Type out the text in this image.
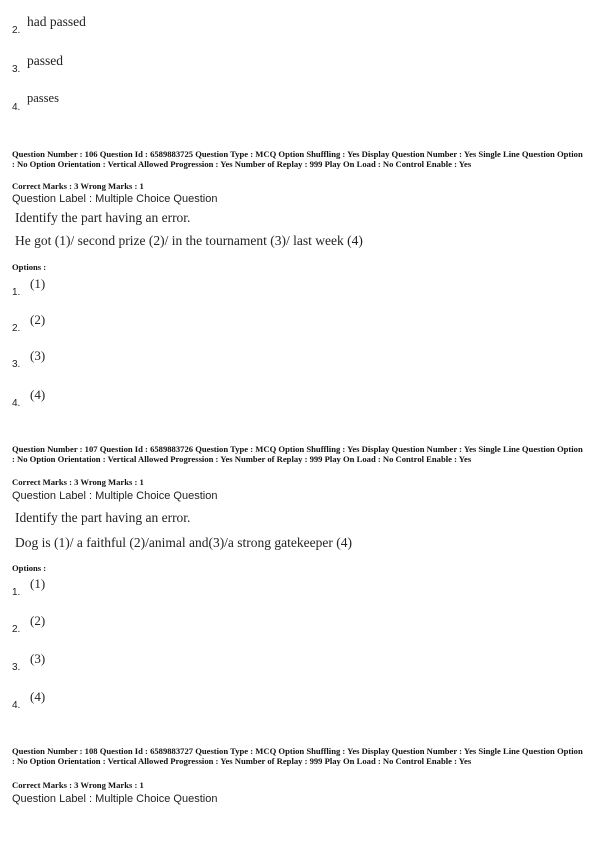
2.
had passed
3.
passed
4.
passes
Question Number : 106 Question Id : 6589883725 Question Type : MCQ Option Shuffling : Yes Display Question Number : Yes Single Line Question Option : No Option Orientation : Vertical Allowed Progression : Yes Number of Replay : 999 Play On Load : No Control Enable : Yes
Correct Marks : 3 Wrong Marks : 1
Question Label : Multiple Choice Question
Identify the part having an error.
He got (1)/ second prize (2)/ in the tournament (3)/ last week (4)
Options :
1.
(1)
2.
(2)
3.
(3)
4.
(4)
Question Number : 107 Question Id : 6589883726 Question Type : MCQ Option Shuffling : Yes Display Question Number : Yes Single Line Question Option : No Option Orientation : Vertical Allowed Progression : Yes Number of Replay : 999 Play On Load : No Control Enable : Yes
Correct Marks : 3 Wrong Marks : 1
Question Label : Multiple Choice Question
Identify the part having an error.
Dog is (1)/ a faithful (2)/animal and(3)/a strong gatekeeper (4)
Options :
1.
(1)
2.
(2)
3.
(3)
4.
(4)
Question Number : 108 Question Id : 6589883727 Question Type : MCQ Option Shuffling : Yes Display Question Number : Yes Single Line Question Option : No Option Orientation : Vertical Allowed Progression : Yes Number of Replay : 999 Play On Load : No Control Enable : Yes
Correct Marks : 3 Wrong Marks : 1
Question Label : Multiple Choice Question
